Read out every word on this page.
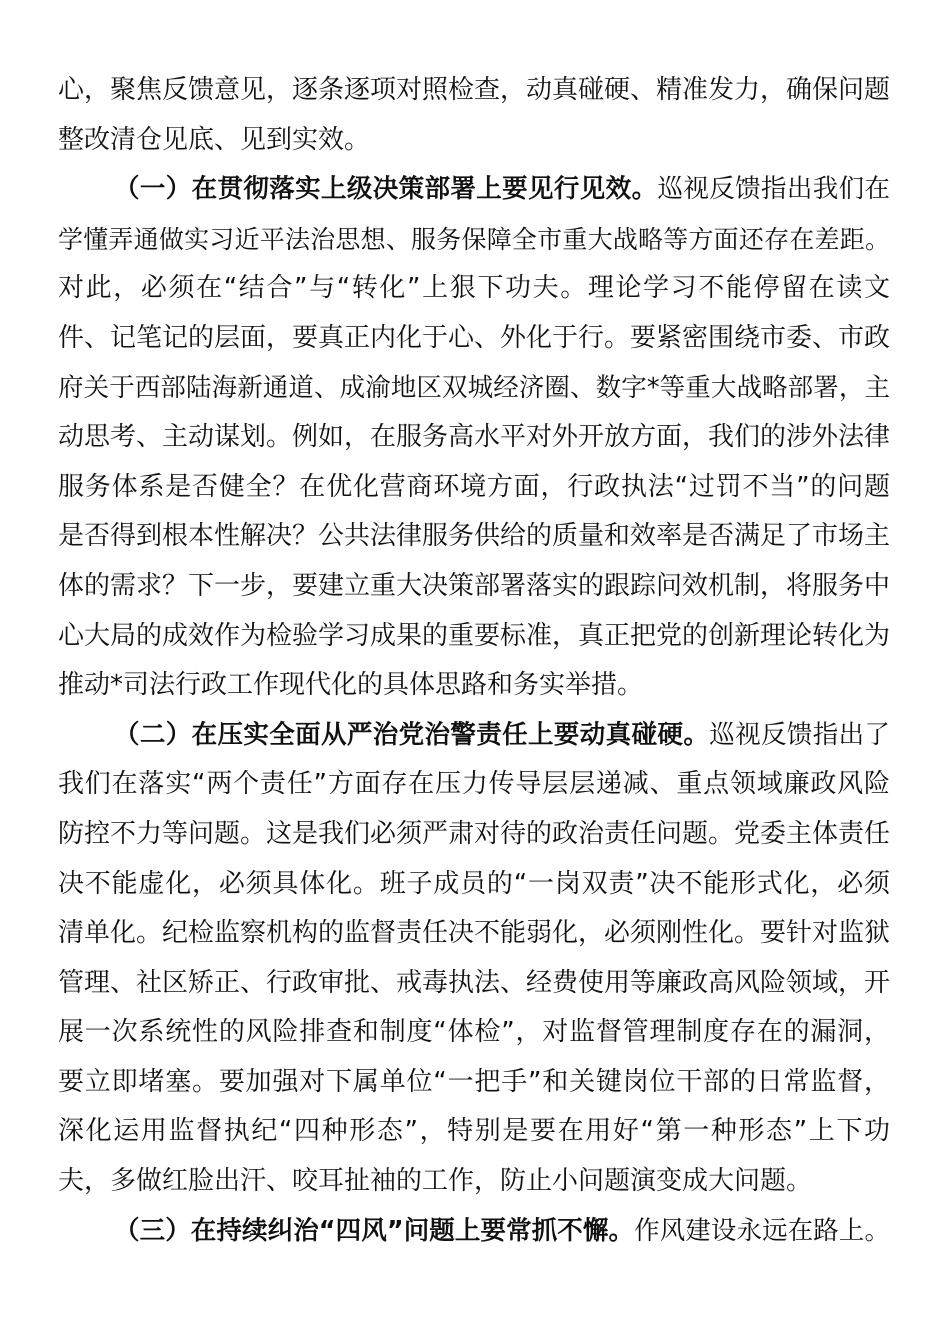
心，聚焦反馈意见，逐条逐项对照检查，动真碰硬、精准发力，确保问题
整改清仓见底、见到实效。
（一）在贯彻落实上级决策部署上要见行见效。巡视反馈指出我们在
学懂弄通做实习近平法治思想、服务保障全市重大战略等方面还存在差距。
对此，必须在“结合”与“转化”上狠下功夫。理论学习不能停留在读文
件、记笔记的层面，要真正内化于心、外化于行。要紧密围绕市委、市政
府关于西部陆海新通道、成渝地区双城经济圈、数字*等重大战略部署，主
动思考、主动谋划。例如，在服务高水平对外开放方面，我们的涉外法律
服务体系是否健全？在优化营商环境方面，行政执法“过罚不当”的问题
是否得到根本性解决？公共法律服务供给的质量和效率是否满足了市场主
体的需求？下一步，要建立重大决策部署落实的跟踪问效机制，将服务中
心大局的成效作为检验学习成果的重要标准，真正把党的创新理论转化为
推动*司法行政工作现代化的具体思路和务实举措。
（二）在压实全面从严治党治警责任上要动真碰硬。巡视反馈指出了
我们在落实“两个责任”方面存在压力传导层层递减、重点领域廉政风险
防控不力等问题。这是我们必须严肃对待的政治责任问题。党委主体责任
决不能虚化，必须具体化。班子成员的“一岗双责”决不能形式化，必须
清单化。纪检监察机构的监督责任决不能弱化，必须刚性化。要针对监狱
管理、社区矫正、行政审批、戒毒执法、经费使用等廉政高风险领域，开
展一次系统性的风险排查和制度“体检”，对监督管理制度存在的漏洞，
要立即堵塞。要加强对下属单位“一把手”和关键岗位干部的日常监督，
深化运用监督执纪“四种形态”，特别是要在用好“第一种形态”上下功
夫，多做红脸出汗、咬耳扯袖的工作，防止小问题演变成大问题。
（三）在持续纠治“四风”问题上要常抓不懈。作风建设永远在路上。
